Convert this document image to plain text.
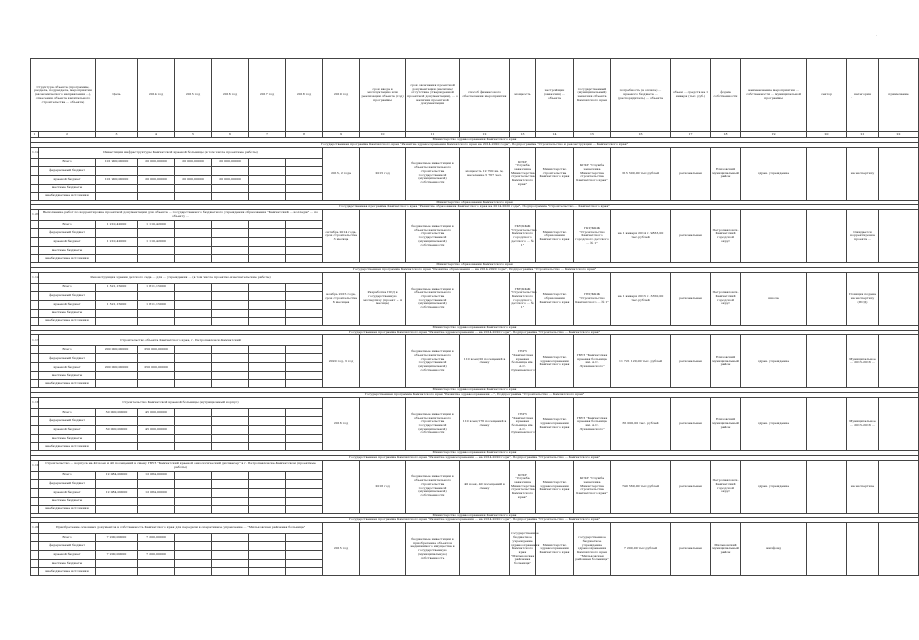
·
·
Структура объекта (программы, раздела, подраздела, мероприятия (экономического направления ...), отнесения объекта капитального строительства ... объекта)		Цель	2014 год	2015 год	2016 год	2017 год	2018 год	2019 год	срок ввода в эксплуатацию или реализации объекта (год) программы	срок окончания проектной документации (наличие/отсутствие утвержденной проектной документации), ... о наличии проектной документации	способ финансового обеспечения мероприятия	мощность	застройщик (заказчик) ... объекта	государственный (муниципальный) заказчик объекта Камчатского края	потребность (в оплате) ... краевого бюджета ... (распорядитель) ... объекта	объем ... средств на 1 января (тыс. руб.)	форма собственности	наименование мероприятия ... собственности ... муниципальной программы	сектор	категория	примечание
1	2	3	4	5	6	7	8	9	10	11	12	13	14	15	16	17	18	19	20	21	22
Министерство здравоохранения Камчатского края																					
Государственная программа Камчатского края "Развитие здравоохранения Камчатского края на 2014-2020 годы", Подпрограмма "Строительство и реконструкция ... Камчатского края"																					
1.14	Инвестиции инфраструктуры Камчатской краевой больницы (в том числе проектные работы)							2015, 2 года	2015 год	бюджетные инвестиции в объекты капитального строительства государственной (муниципальной) собственности	мощность 12 700 кв. м, население 5 767 чел.	КГКУ "Служба заказчика Министерства строительства Камчатского края"	Министерство строительства Камчатского края	КГКУ "Служба заказчика Министерства строительства Камчатского края"	315 500,00 тыс.рублей	региональная	Елизовский муниципальный район	здрав. учреждение		на экспертизу	
	Всего	101 900,00000	20 000,00000	20 000,00000	20 000,00000																
	федеральный бюджет																				
	краевой бюджет	101 900,00000	20 000,00000	20 000,00000	20 000,00000																
	местные бюджеты																				
	внебюджетные источники																				
Министерство образования Камчатского края																					
Государственная программа Камчатского края "Развитие образования Камчатского края на 2014-2020 годы", Подпрограмма "Строительство ... Камчатского края"																					
1.23	Выполнение работ по корректировке проектной документации для объекта ... государственного бюджетного учреждения образования "Камчатский ... колледж" ... по объекту ...							октябрь 2014 года, срок строительства 3 месяца		бюджетные инвестиции в объекты капитального строительства государственной (муниципальной) собственности		ГКУ/ККЖ "Строительство Камчатского городского детского ... № 1"	Министерство образования Камчатского края	ГКУ/ККЖ "Строительство Камчатского городского детского ... № 1"	на 1 января 2014 г. 9833,00 тыс.рублей	региональная	Петропавловск-Камчатский городской округ			Ожидается корректировка проекта ...	
	Всего	1 210,42000	1 110,42000																		
	федеральный бюджет																				
	краевой бюджет	1 210,42000	1 110,42000																		
	местные бюджеты																				
	внебюджетные источники																				
Министерство образования Камчатского края																					
Государственная программа Камчатского края "Развитие образования ... на 2014-2020 годы", Подпрограмма "Строительство ... Камчатского края"																					
1.14	Реконструкция здания детского сада ... для ... учреждения ... (в том числе проектно-изыскательские работы)							ноябрь 2015 года, срок строительства 6 месяцев	Разработка ПСД в государственную экспертизу (проект ~ 4 месяца)	бюджетные инвестиции в объекты капитального строительства государственной (муниципальной) собственности		ГБУ/ККЖ "Строительство Камчатского городского детского ... № 1"	Министерство образования Камчатского края	ГБУ/ККЖ "Строительство Камчатского ... № 1"	на 1 января 2015 г. 3350,00 тыс.рублей	региональная	Петропавловск-Камчатский городской округ	школа		Позиция подана на экспертизу (ПСД)	
	Всего	1 521,15000	1 811,15000																		
	федеральный бюджет																				
	краевой бюджет	1 521,15000	1 811,15000																		
	местные бюджеты																				
	внебюджетные источники																				
Министерство здравоохранения Камчатского края																					
Государственная программа Камчатского края "Развитие здравоохранения ... на 2014-2020 годы", Подпрограмма "Строительство ... Камчатского края"																					
1.17	Строительство объекта Камчатского края, г. Петропавловск-Камчатский							2020 год, 3 год		бюджетные инвестиции в объекты капитального строительства государственной (муниципальной) собственности	110 коек/20 посещений в смену	ГБУЗ "Камчатская краевая больница им. А.С. Лукашевского"	Министерство здравоохранения Камчатского края	ГБУЗ "Камчатская краевая больница им. А.С. Лукашевского"	11 721 120,00 тыс. рублей	региональная	Елизовский муниципальный район	здрав. учреждение		Муниципальное ... 2015-2016 ...	
	Всего	200 000,00000	250 000,00000																		
	федеральный бюджет																				
	краевой бюджет	200 000,00000	250 000,00000																		
	местные бюджеты																				
	внебюджетные источники																				
Министерство здравоохранения Камчатского края																					
Государственная программа Камчатского края "Развитие здравоохранения ...", Подпрограмма "Строительство ... Камчатского края"																					
1.18	Строительство Камчатской краевой больницы (нутриционный корпус)							2016 год		бюджетные инвестиции в объекты капитального строительства государственной (муниципальной) собственности	110 коек/176 посещений в смену	ГБУЗ "Камчатская краевая больница им. А.С. Лукашевского"	Министерство здравоохранения Камчатского края	ГБУЗ "Камчатская краевая больница им. А.С. Лукашевского"	65 000,00 тыс. рублей	региональная	Елизовский муниципальный район	здрав. учреждение		Муниципальное ... 2015-2016 ...	
	Всего	50 000,00000	45 000,00000																		
	федеральный бюджет																				
	краевой бюджет	50 000,00000	45 000,00000																		
	местные бюджеты																				
	внебюджетные источники																				
Министерство здравоохранения Камчатского края																					
Государственная программа Камчатского края "Развитие здравоохранения ... на 2014-2020 годы", Подпрограмма "Строительство ... Камчатского края"																					
1.19	Строительство ... корпуса на 40 коек и 40 посещений в смену ГБУЗ "Камчатский краевой онкологический диспансер" в г. Петропавловске-Камчатском (проектные работы)								2016 год	бюджетные инвестиции в объекты капитального строительства государственной (муниципальной) собственности	40 коек, 40 посещений в смену	КГКУ "Служба заказчика Министерства строительства Камчатского края"	Министерство здравоохранения Камчатского края	КГКУ "Служба заказчика Министерства строительства Камчатского края"	740 569,00 тыс.рублей	региональная	Петропавловск-Камчатский городской округ	здрав. учреждение		на экспертизе	
	Всего	12 084,00000	12 084,00000																		
	федеральный бюджет																				
	краевой бюджет	12 084,00000	12 084,00000																		
	местные бюджеты																				
	внебюджетные источники																				
Министерство здравоохранения Камчатского края																					
Государственная программа Камчатского края "Развитие здравоохранения ... на 2014-2020 годы", Подпрограмма "Строительство ... Камчатского края"																					
1.20	Приобретение основных документов в собственность Камчатского края для передачи в оперативное управление ... "Мильковская районная больница"							2015 год		бюджетные инвестиции в приобретение объектов недвижимого имущества в государственную (муниципальную) собственность		государственное бюджетное учреждение здравоохранения Камчатского края "Мильковская районная больница"	Министерство здравоохранения Камчатского края	государственное бюджетное учреждение здравоохранения Камчатского края "Мильковская районная больница"	7 200,00 тыс.рублей	региональная	Мильковский муниципальный район	жилфонд			
	Всего	7 200,00000	7 200,00000																		
	федеральный бюджет																				
	краевой бюджет	7 200,00000	7 200,00000																		
	местные бюджеты																				
	внебюджетные источники																				
